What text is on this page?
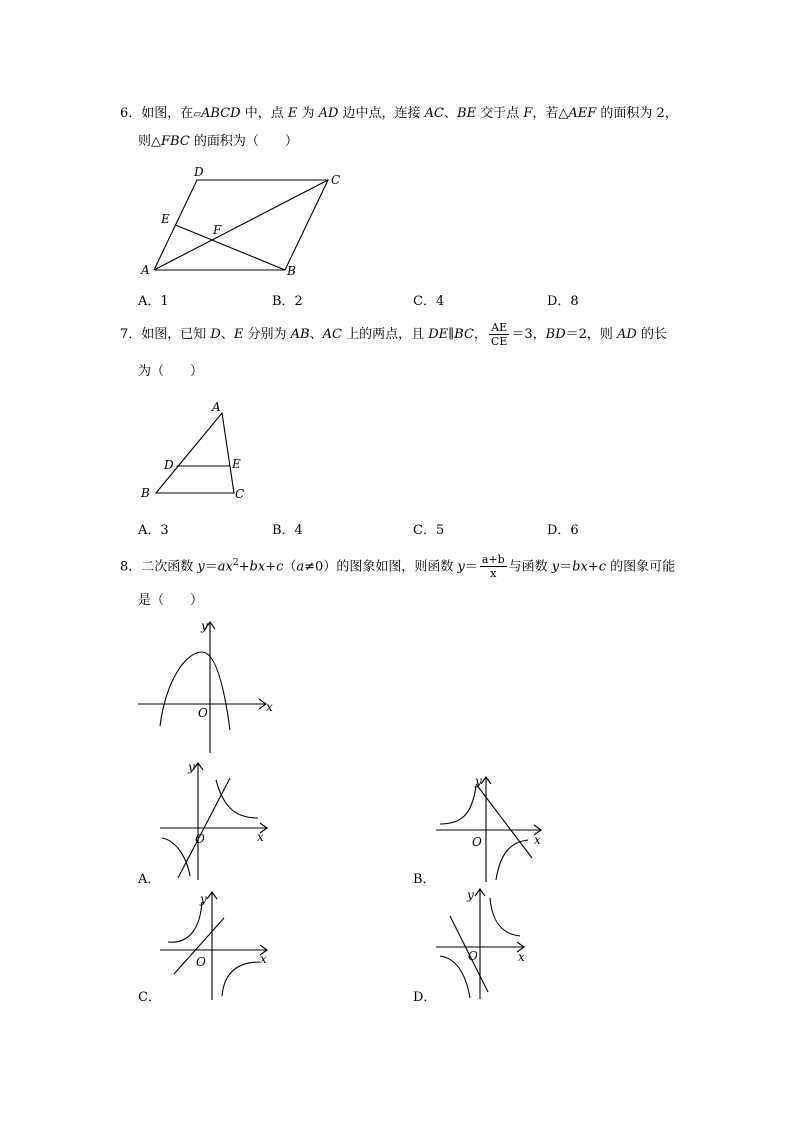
6．如图，在▱ABCD 中，点 E 为 AD 边中点，连接 AC、BE 交于点 F，若△AEF 的面积为 2，
则△FBC 的面积为（　　）
A	B
C
D
E
F
A．1	B．2	C．4	D．8
7．如图，已知 D、E 分别为 AB、AC 上的两点，且 DE∥BC， $\frac{AE}{CE} =3$，BD＝2，则 AD 的长
为（　　）
A
B	C
D	E
A．3	B．4	C．5	D．6
8．二次函数 $y=ax^2+bx+c(a\ne 0)$的图象如图，则函数 $y= \frac{a+b}{x}$ 与函数 y＝bx+c 的图象可能
是（　　）
x
y
O
x
y
O
A．
x
y
O
B．
x
y
O
C．
x
y
O
D．
